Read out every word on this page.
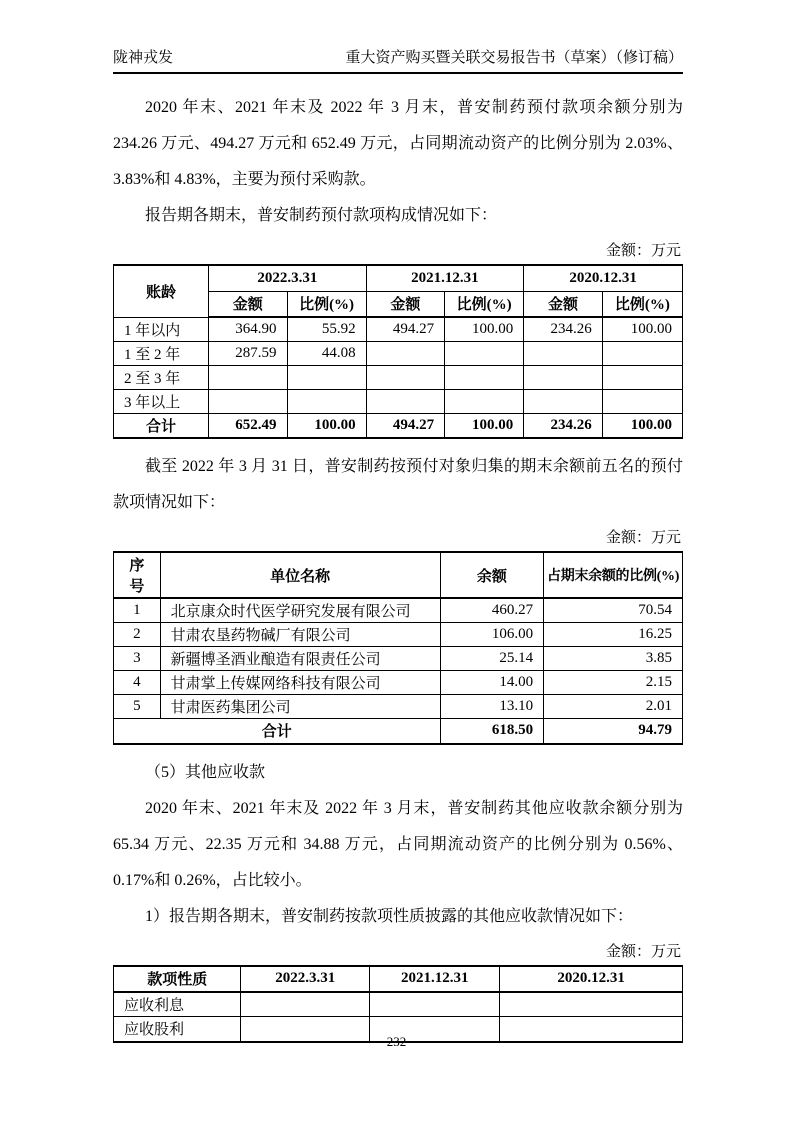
陇神戎发	重大资产购买暨关联交易报告书（草案）（修订稿）

2020 年末、2021 年末及 2022 年 3 月末，普安制药预付款项余额分别为 234.26 万元、494.27 万元和 652.49 万元，占同期流动资产的比例分别为 2.03%、3.83%和 4.83%，主要为预付采购款。

报告期各期末，普安制药预付款项构成情况如下：

金额：万元
账龄	2022.3.31		2021.12.31		2020.12.31	
	金额	比例(%)	金额	比例(%)	金额	比例(%)
1 年以内	364.90	55.92	494.27	100.00	234.26	100.00
1 至 2 年	287.59	44.08				
2 至 3 年						
3 年以上						
合计	652.49	100.00	494.27	100.00	234.26	100.00

截至 2022 年 3 月 31 日，普安制药按预付对象归集的期末余额前五名的预付款项情况如下：

金额：万元
序号	单位名称	余额	占期末余额的比例(%)
1	北京康众时代医学研究发展有限公司	460.27	70.54
2	甘肃农垦药物碱厂有限公司	106.00	16.25
3	新疆博圣酒业酿造有限责任公司	25.14	3.85
4	甘肃掌上传媒网络科技有限公司	14.00	2.15
5	甘肃医药集团公司	13.10	2.01
合计		618.50	94.79

（5）其他应收款

2020 年末、2021 年末及 2022 年 3 月末，普安制药其他应收款余额分别为 65.34 万元、22.35 万元和 34.88 万元，占同期流动资产的比例分别为 0.56%、0.17%和 0.26%，占比较小。

1）报告期各期末，普安制药按款项性质披露的其他应收款情况如下：

金额：万元
款项性质	2022.3.31	2021.12.31	2020.12.31
应收利息			
应收股利			
232
